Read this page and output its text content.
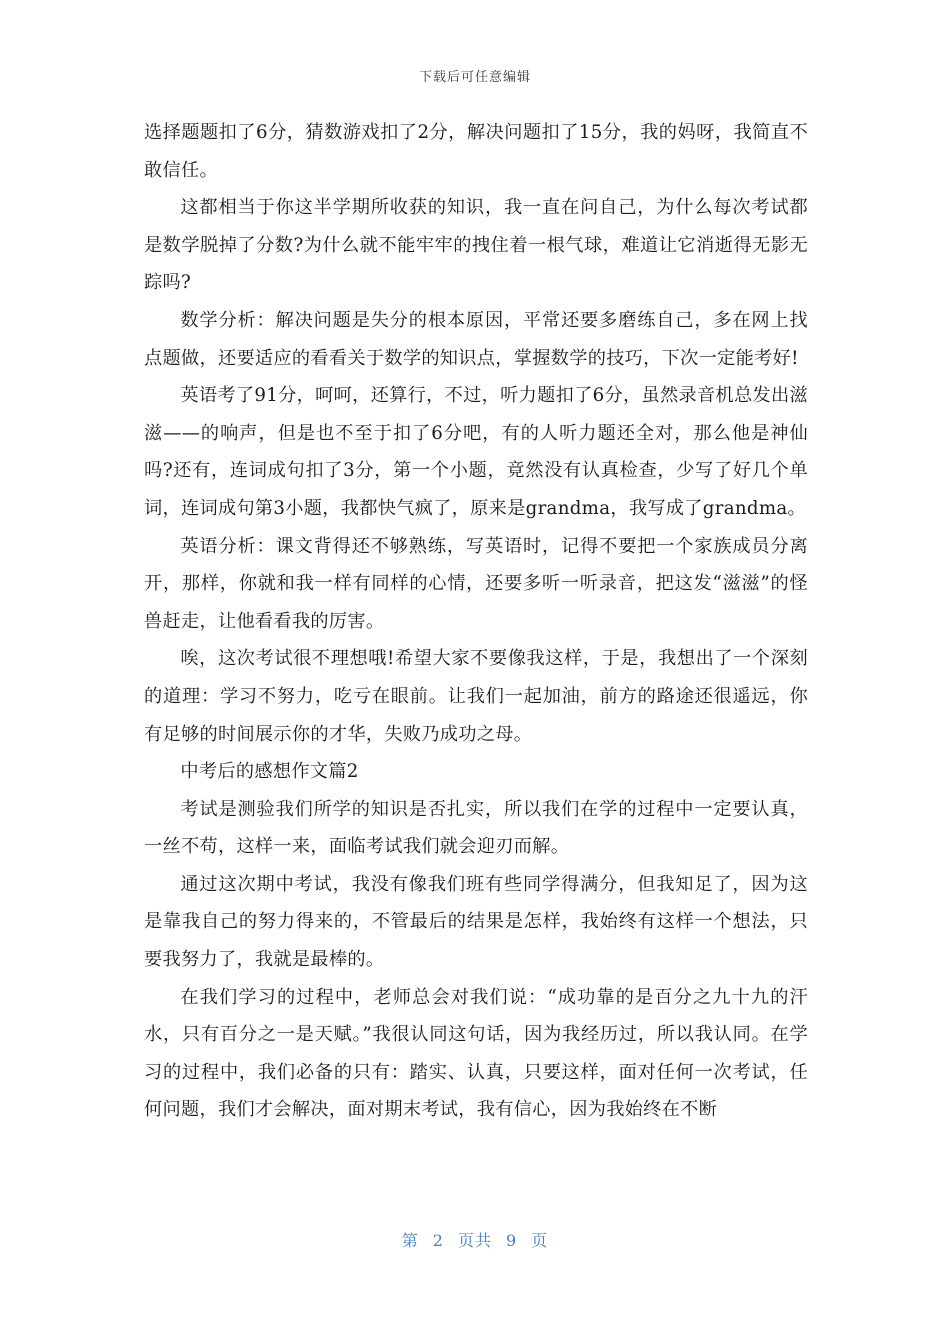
下载后可任意编辑

选择题题扣了6分，猜数游戏扣了2分，解决问题扣了15分，我的妈呀，我简直不敢信任。

这都相当于你这半学期所收获的知识，我一直在问自己，为什么每次考试都是数学脱掉了分数?为什么就不能牢牢的拽住着一根气球，难道让它消逝得无影无踪吗?

数学分析：解决问题是失分的根本原因，平常还要多磨练自己，多在网上找点题做，还要适应的看看关于数学的知识点，掌握数学的技巧，下次一定能考好!

英语考了91分，呵呵，还算行，不过，听力题扣了6分，虽然录音机总发出滋滋——的响声，但是也不至于扣了6分吧，有的人听力题还全对，那么他是神仙吗?还有，连词成句扣了3分，第一个小题，竟然没有认真检查，少写了好几个单词，连词成句第3小题，我都快气疯了，原来是grandma，我写成了grandma。

英语分析：课文背得还不够熟练，写英语时，记得不要把一个家族成员分离开，那样，你就和我一样有同样的心情，还要多听一听录音，把这发“滋滋”的怪兽赶走，让他看看我的厉害。

唉，这次考试很不理想哦!希望大家不要像我这样，于是，我想出了一个深刻的道理：学习不努力，吃亏在眼前。让我们一起加油，前方的路途还很遥远，你有足够的时间展示你的才华，失败乃成功之母。

中考后的感想作文篇2

考试是测验我们所学的知识是否扎实，所以我们在学的过程中一定要认真，一丝不苟，这样一来，面临考试我们就会迎刃而解。

通过这次期中考试，我没有像我们班有些同学得满分，但我知足了，因为这是靠我自己的努力得来的，不管最后的结果是怎样，我始终有这样一个想法，只要我努力了，我就是最棒的。

在我们学习的过程中，老师总会对我们说：“成功靠的是百分之九十九的汗水，只有百分之一是天赋。”我很认同这句话，因为我经历过，所以我认同。在学习的过程中，我们必备的只有：踏实、认真，只要这样，面对任何一次考试，任何问题，我们才会解决，面对期末考试，我有信心，因为我始终在不断

第 2 页共 9 页
